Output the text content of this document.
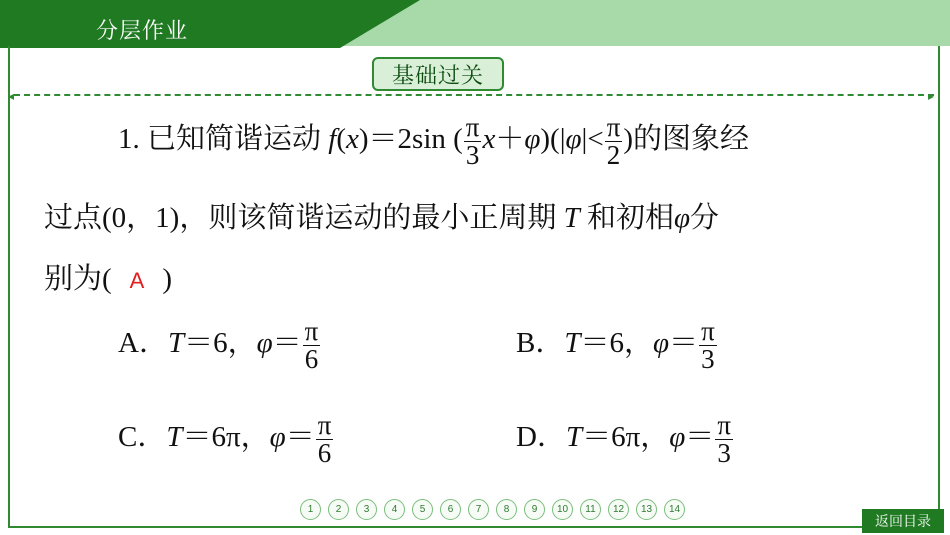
分层作业
基础过关
◂	▸
1. 已知简谐运动 f(x)＝2sin ( $\frac{\pi}{3} x+\varphi)(|\varphi|< \frac{\pi}{2}$ )的图象经
过点(0，1)，则该简谐运动的最小正周期 T 和初相φ分
别为( A )
A．T＝6，$\varphi= \frac{\pi}{6}$	B．T＝6，$\varphi= \frac{\pi}{3}$
C．T＝6π，$\varphi= \frac{\pi}{6}$	D．T＝6π，$\varphi= \frac{\pi}{3}$
1	2	3	4	5	6	7	8	9	10	11	12	13	14
返回目录
